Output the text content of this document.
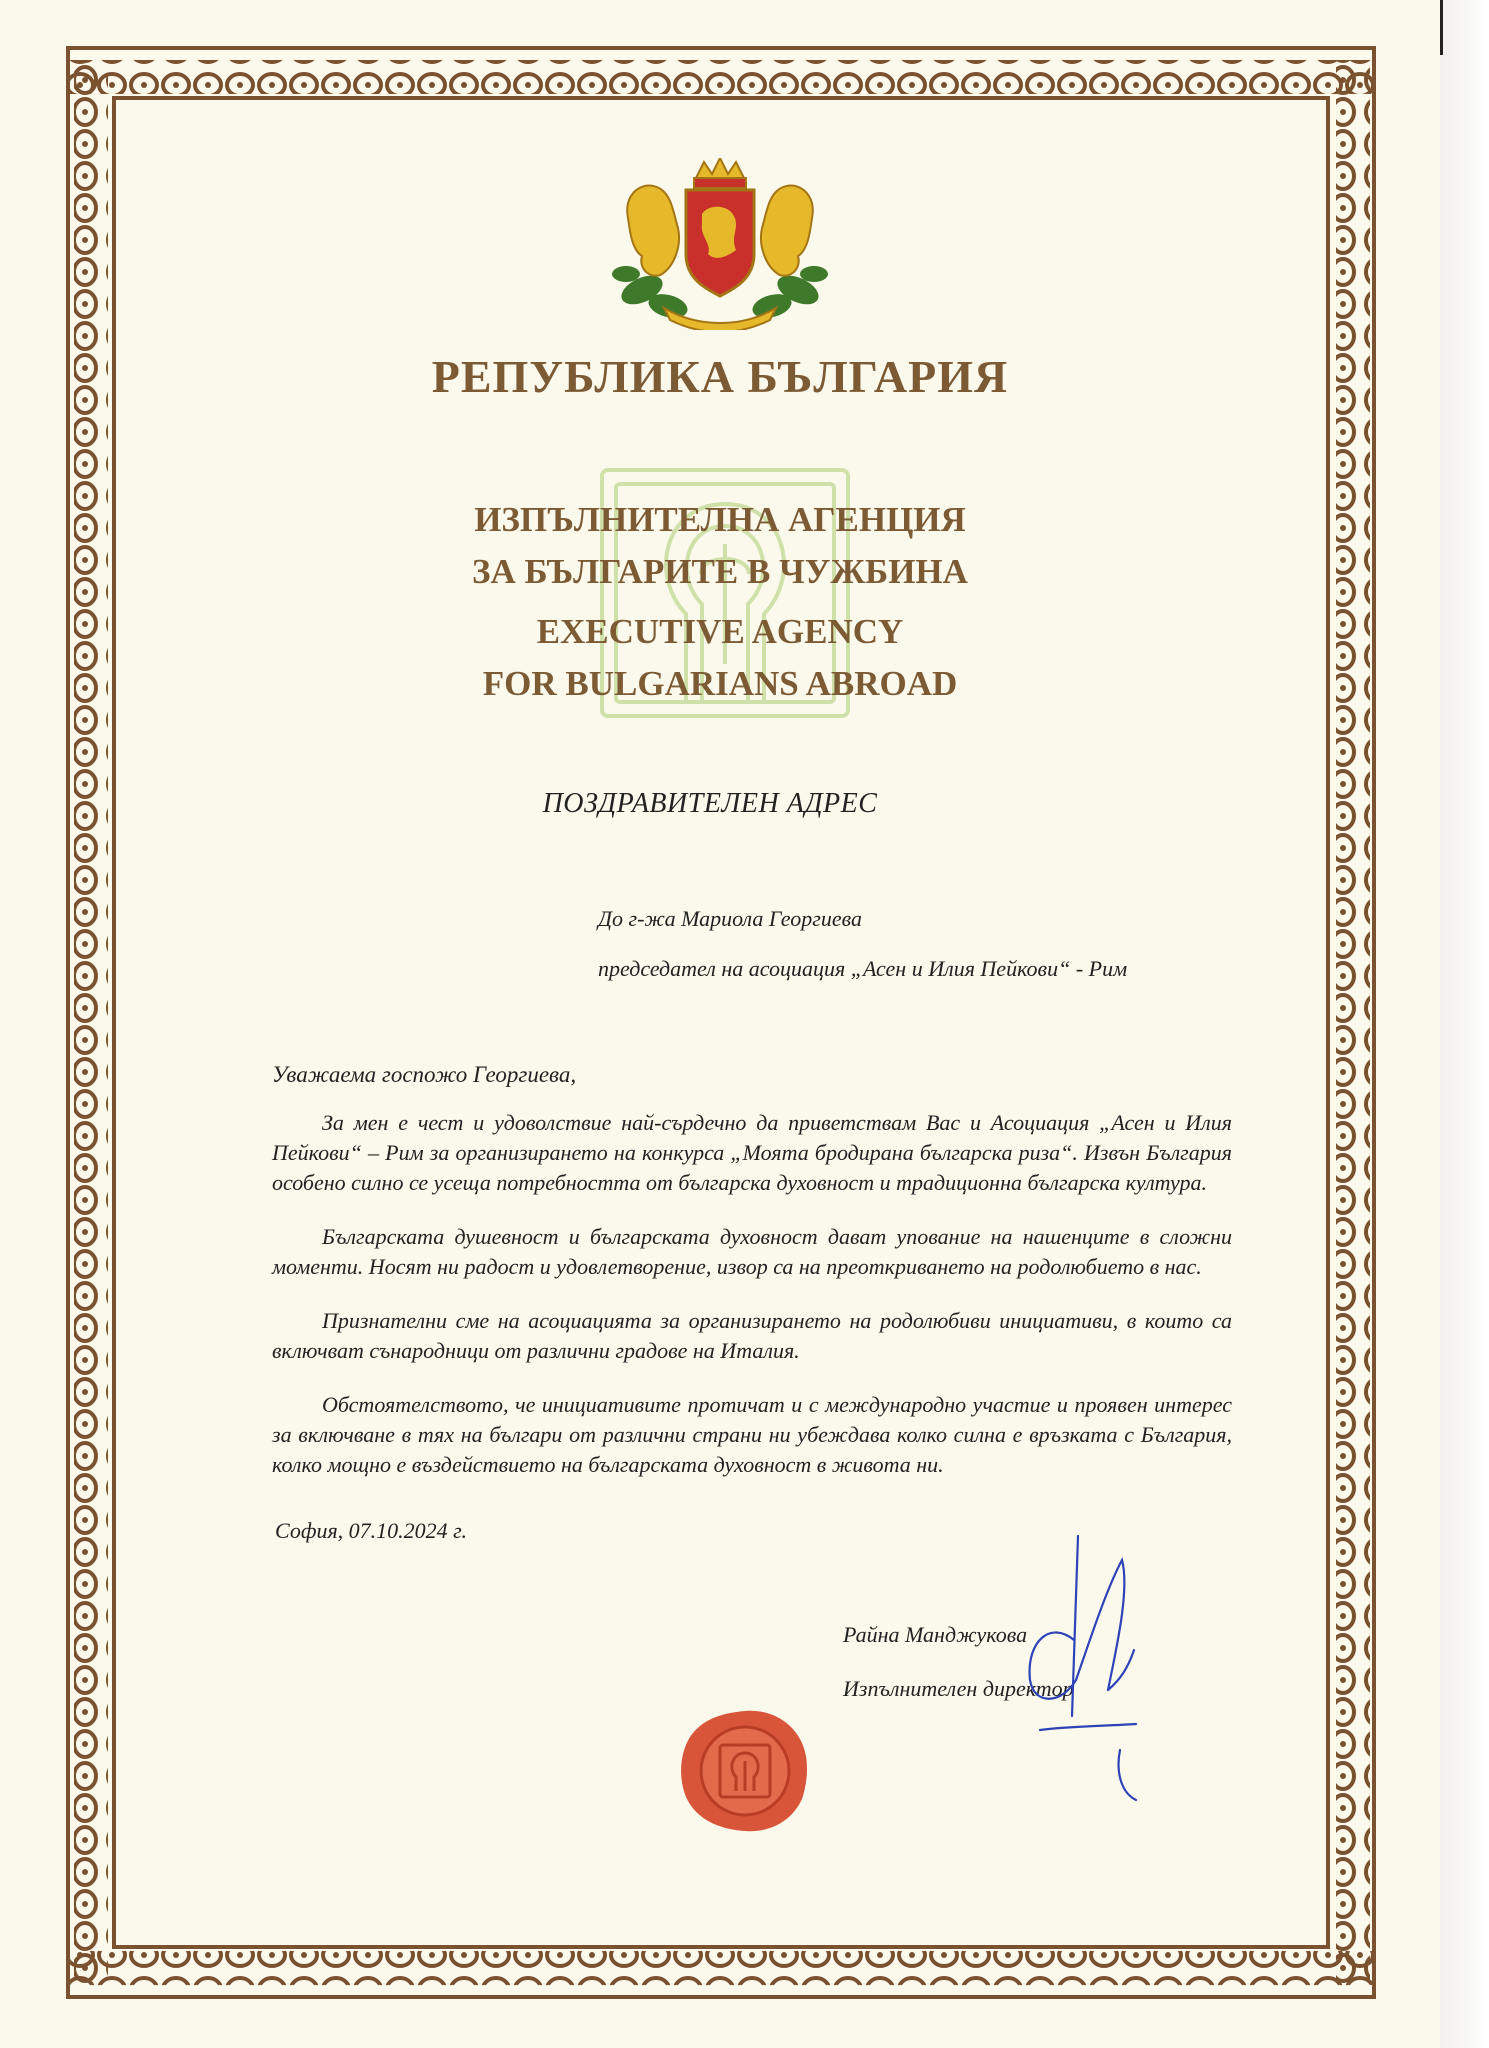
РЕПУБЛИКА БЪЛГАРИЯ
ИЗПЪЛНИТЕЛНА АГЕНЦИЯ
ЗА БЪЛГАРИТЕ В ЧУЖБИНА
EXECUTIVE AGENCY
FOR BULGARIANS ABROAD
ПОЗДРАВИТЕЛЕН АДРЕС
До г-жа Мариола Георгиева
председател на асоциация „Асен и Илия Пейкови“ - Рим
Уважаема госпожо Георгиева,

За мен е чест и удоволствие най-сърдечно да приветствам Вас и Асоциация „Асен и Илия Пейкови“ – Рим за организирането на конкурса „Моята бродирана българска риза“. Извън България особено силно се усеща потребността от българска духовност и традиционна българска култура.

Българската душевност и българската духовност дават упование на нашенците в сложни моменти. Носят ни радост и удовлетворение, извор са на преоткриването на родолюбието в нас.

Признателни сме на асоциацията за организирането на родолюбиви инициативи, в които са включват сънародници от различни градове на Италия.

Обстоятелството, че инициативите протичат и с международно участие и проявен интерес за включване в тях на българи от различни страни ни убеждава колко силна е връзката с България, колко мощно е въздействието на българската духовност в живота ни.

София, 07.10.2024 г.
Райна Манджукова
Изпълнителен директор
